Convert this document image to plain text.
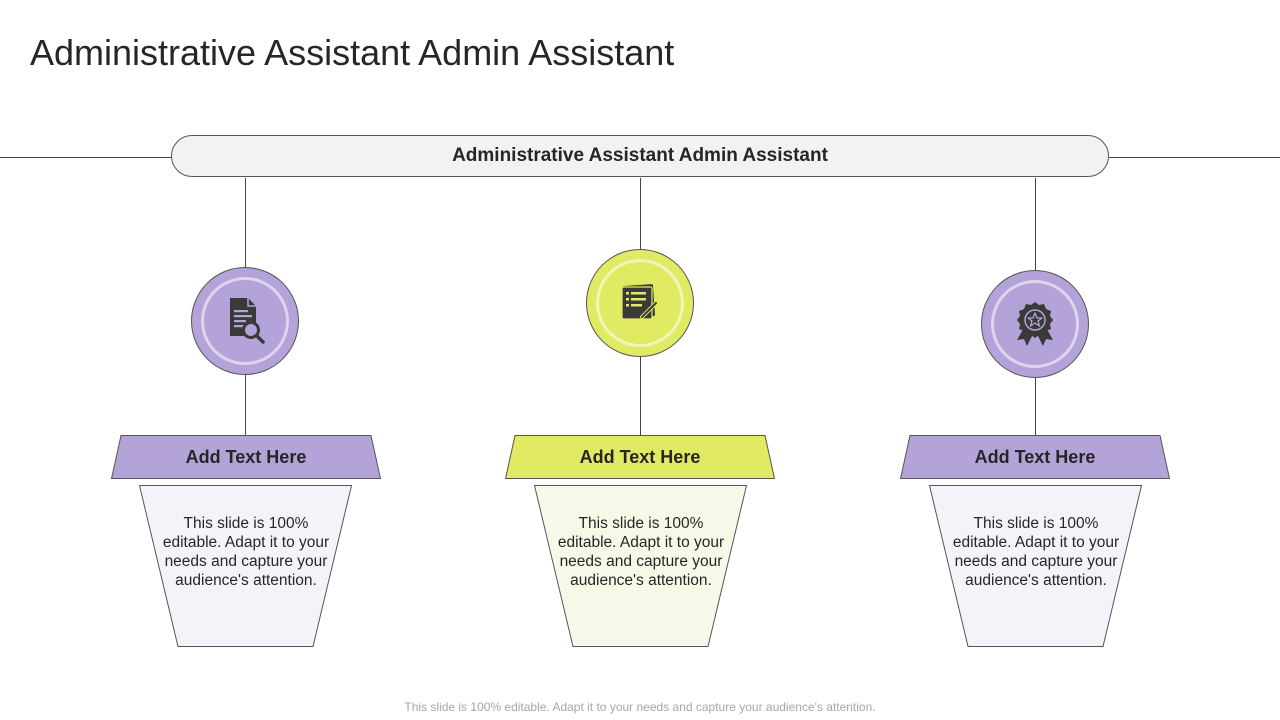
Administrative Assistant Admin Assistant
Administrative Assistant Admin Assistant
Add Text Here	Add Text Here	Add Text Here
This slide is 100% editable. Adapt it to your needs and capture your audience's attention.
This slide is 100% editable. Adapt it to your needs and capture your audience's attention.
This slide is 100% editable. Adapt it to your needs and capture your audience's attention.
This slide is 100% editable. Adapt it to your needs and capture your audience's attention.
